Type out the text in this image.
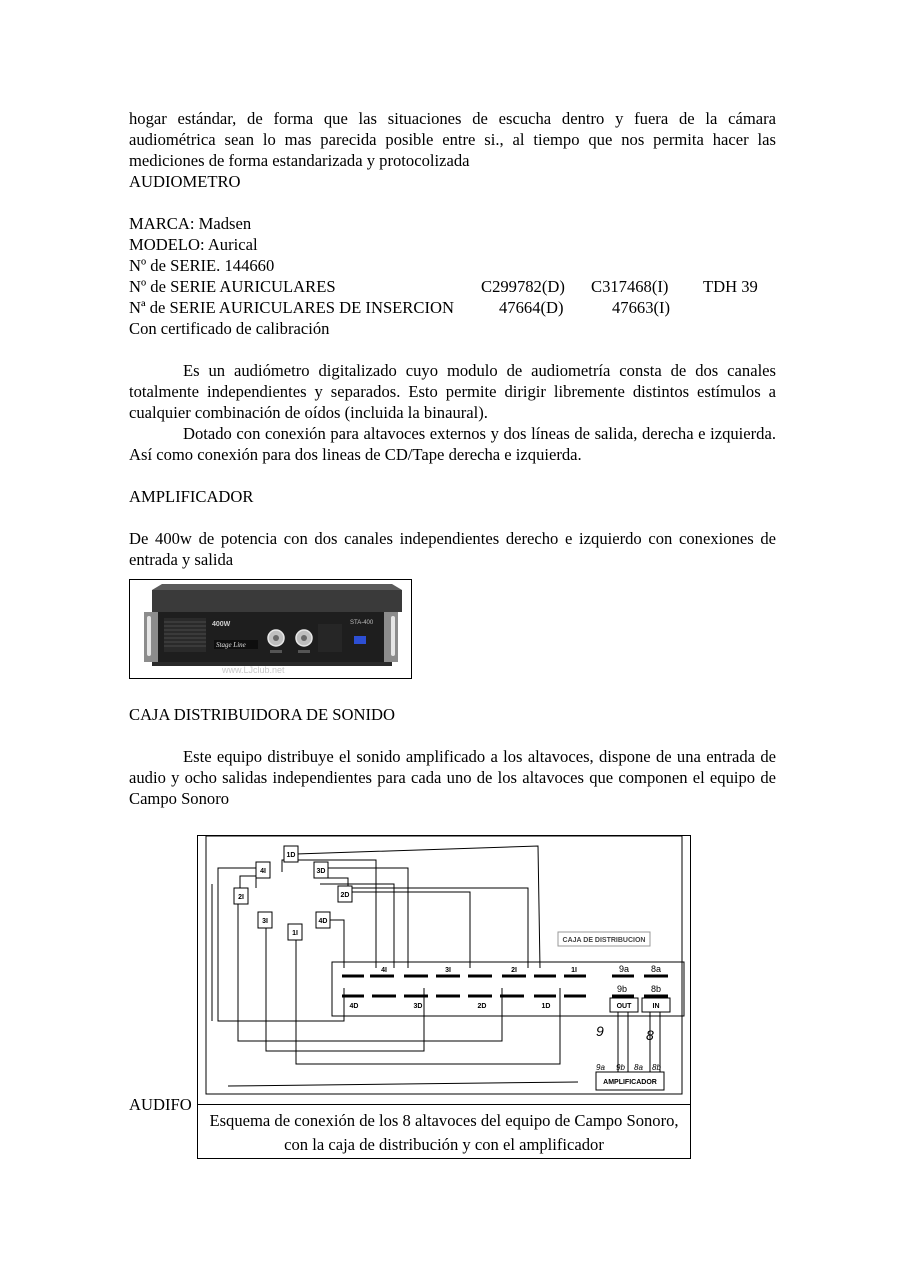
hogar estándar, de forma que las situaciones de escucha dentro y fuera de la cámara

audiométrica sean lo mas parecida posible entre si., al tiempo que nos permita hacer las

mediciones de forma estandarizada y protocolizada

AUDIOMETRO

MARCA: Madsen

MODELO: Aurical

Nº de SERIE. 144660

Nº de SERIE AURICULARES	C299782(D) C317468(I) TDH 39
Nª de SERIE AURICULARES DE INSERCION	47664(D)	47663(I)

Con certificado de calibración

Es un audiómetro digitalizado cuyo modulo de audiometría consta de dos canales totalmente independientes y separados. Esto permite dirigir libremente distintos estímulos a cualquier combinación de oídos (incluida la binaural).

Dotado con conexión para altavoces externos y dos líneas de salida, derecha e izquierda. Así como conexión para dos lineas de CD/Tape derecha e izquierda.

AMPLIFICADOR

De 400w de potencia con dos canales independientes derecho e izquierdo con conexiones de entrada y salida

400W
Stage Line
STA-400
www.LJclub.net

CAJA DISTRIBUIDORA DE SONIDO

Este equipo distribuye el sonido amplificado a los altavoces, dispone de una entrada de audio y ocho salidas independientes para cada uno de los altavoces que componen el equipo de Campo Sonoro

1D
4I	3D
2I	2D
3I	4D
1I
CAJA DE DISTRIBUCION
4I	3I	2I	1I	9a 8a
4D	3D	2D	1D
9b	8b
OUT	IN
9	8
9a 9b 8a 8b
AMPLIFICADOR
Esquema de conexión de los 8 altavoces del equipo de Campo Sonoro, con la caja de distribución y con el amplificador
AUDIFO
